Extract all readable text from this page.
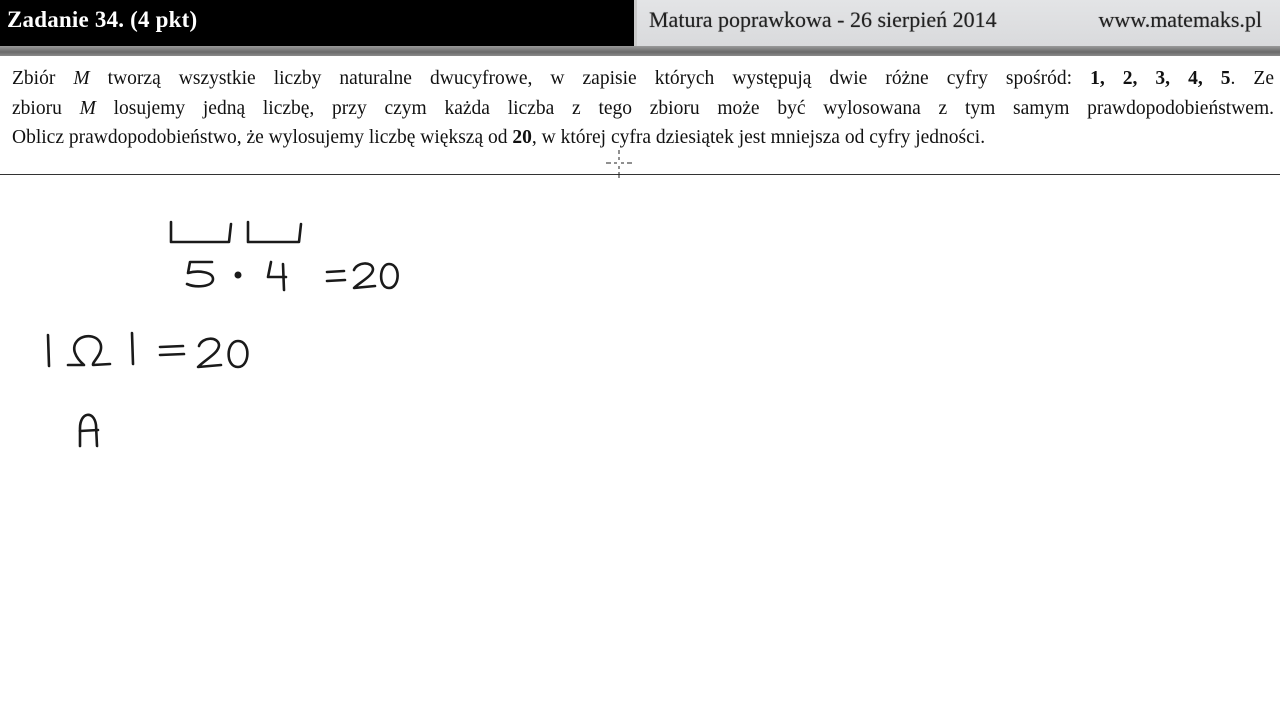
Zadanie 34. (4 pkt)	Matura poprawkowa - 26 sierpień 2014	www.matemaks.pl
Zbiór M tworzą wszystkie liczby naturalne dwucyfrowe, w zapisie których występują dwie różne cyfry spośród: 1, 2, 3, 4, 5. Ze
zbioru M losujemy jedną liczbę, przy czym każda liczba z tego zbioru może być wylosowana z tym samym prawdopodobieństwem.
Oblicz prawdopodobieństwo, że wylosujemy liczbę większą od 20, w której cyfra dziesiątek jest mniejsza od cyfry jedności.
